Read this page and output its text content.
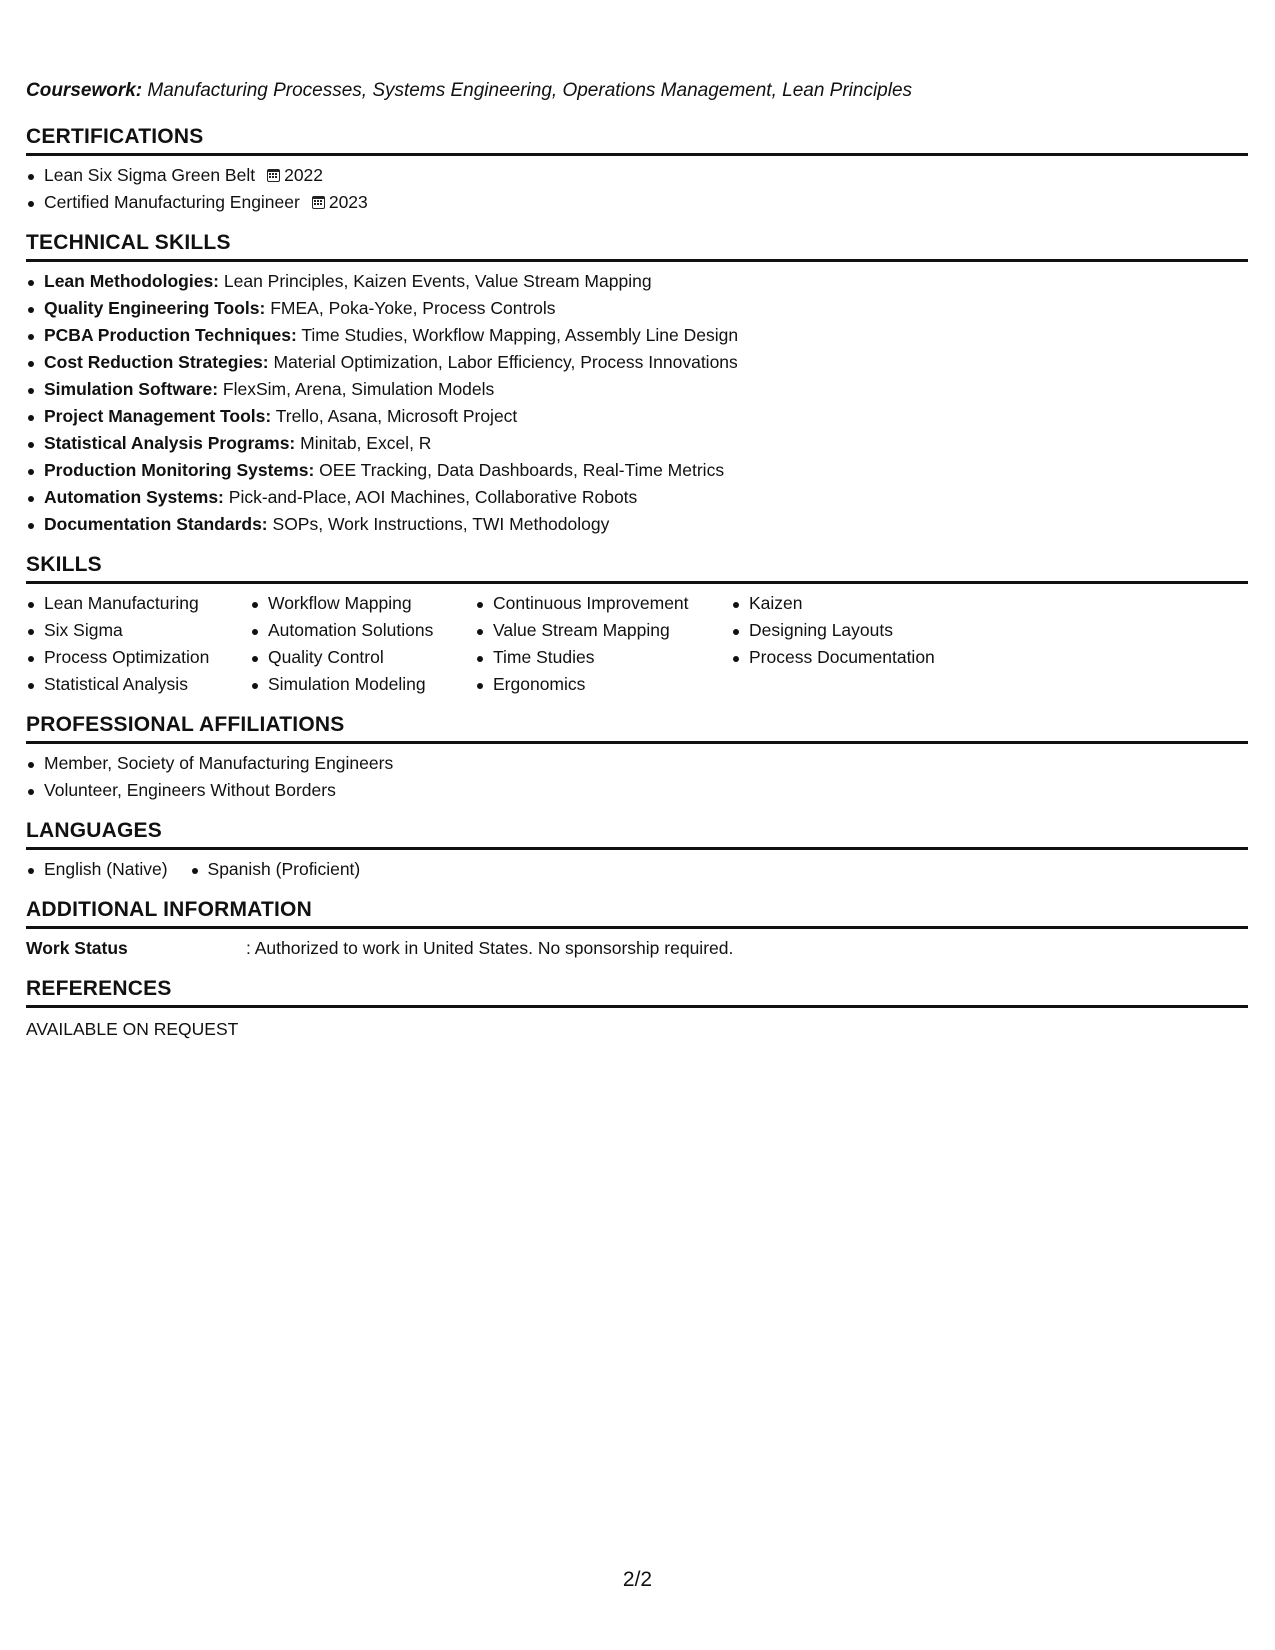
Coursework: Manufacturing Processes, Systems Engineering, Operations Management, Lean Principles
CERTIFICATIONS
Lean Six Sigma Green Belt 2022
Certified Manufacturing Engineer 2023
TECHNICAL SKILLS
Lean Methodologies: Lean Principles, Kaizen Events, Value Stream Mapping
Quality Engineering Tools: FMEA, Poka-Yoke, Process Controls
PCBA Production Techniques: Time Studies, Workflow Mapping, Assembly Line Design
Cost Reduction Strategies: Material Optimization, Labor Efficiency, Process Innovations
Simulation Software: FlexSim, Arena, Simulation Models
Project Management Tools: Trello, Asana, Microsoft Project
Statistical Analysis Programs: Minitab, Excel, R
Production Monitoring Systems: OEE Tracking, Data Dashboards, Real-Time Metrics
Automation Systems: Pick-and-Place, AOI Machines, Collaborative Robots
Documentation Standards: SOPs, Work Instructions, TWI Methodology
SKILLS
Lean Manufacturing
Six Sigma
Process Optimization
Statistical Analysis
Workflow Mapping
Automation Solutions
Quality Control
Simulation Modeling
Continuous Improvement
Value Stream Mapping
Time Studies
Ergonomics
Kaizen
Designing Layouts
Process Documentation
PROFESSIONAL AFFILIATIONS
Member, Society of Manufacturing Engineers
Volunteer, Engineers Without Borders
LANGUAGES
English (Native)	Spanish (Proficient)
ADDITIONAL INFORMATION
Work Status	: Authorized to work in United States. No sponsorship required.
REFERENCES
AVAILABLE ON REQUEST
2/2
